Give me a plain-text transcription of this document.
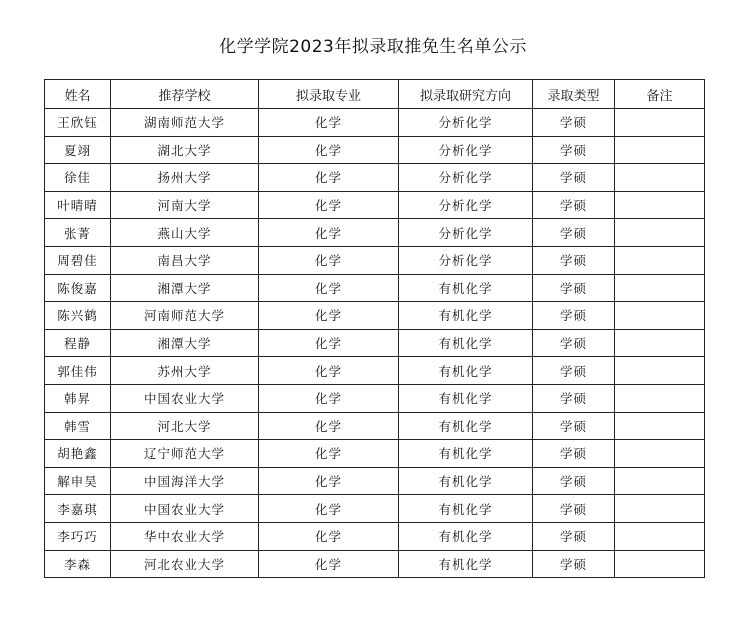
化学学院2023年拟录取推免生名单公示
姓名	推荐学校	拟录取专业	拟录取研究方向	录取类型	备注
王欣钰	湖南师范大学	化学	分析化学	学硕	
夏翊	湖北大学	化学	分析化学	学硕	
徐佳	扬州大学	化学	分析化学	学硕	
叶晴晴	河南大学	化学	分析化学	学硕	
张菁	燕山大学	化学	分析化学	学硕	
周碧佳	南昌大学	化学	分析化学	学硕	
陈俊嘉	湘潭大学	化学	有机化学	学硕	
陈兴鹤	河南师范大学	化学	有机化学	学硕	
程静	湘潭大学	化学	有机化学	学硕	
郭佳伟	苏州大学	化学	有机化学	学硕	
韩昇	中国农业大学	化学	有机化学	学硕	
韩雪	河北大学	化学	有机化学	学硕	
胡艳鑫	辽宁师范大学	化学	有机化学	学硕	
解申昊	中国海洋大学	化学	有机化学	学硕	
李嘉琪	中国农业大学	化学	有机化学	学硕	
李巧巧	华中农业大学	化学	有机化学	学硕	
李森	河北农业大学	化学	有机化学	学硕	
